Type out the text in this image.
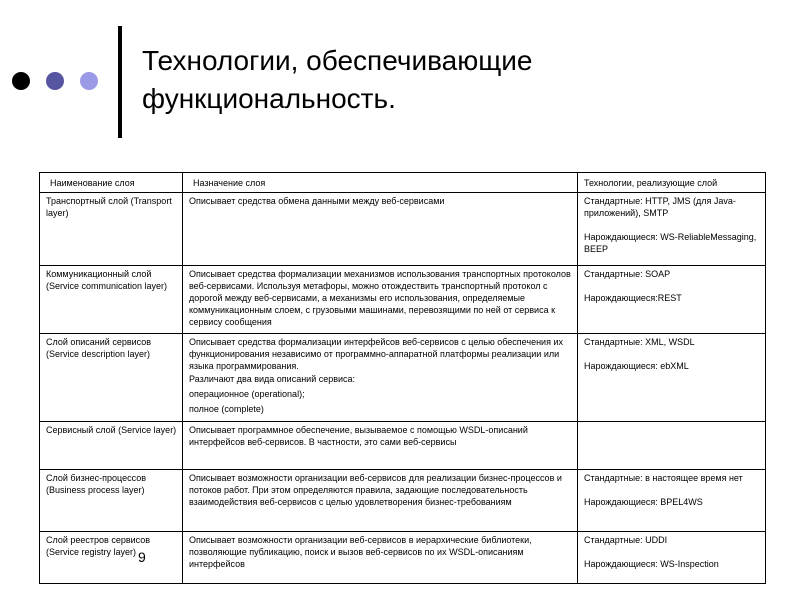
Технологии, обеспечивающие
функциональность.
Наименование слоя	Назначение слоя	Технологии, реализующие слой
Транспортный слой (Transport layer)	Описывает средства обмена данными между веб-сервисами	Стандартные: HTTP, JMS (для Java-приложений), SMTP
Нарождающиеся: WS-ReliableMessaging, BEEP

Коммуникационный слой (Service communication layer)	Описывает средства формализации механизмов использования транспортных протоколов веб-сервисами. Используя метафоры, можно отождествить транспортный протокол с дорогой между веб-сервисами, а механизмы его использования, определяемые коммуникационным слоем, с грузовыми машинами, перевозящими по ней от сервиса к сервису сообщения	Стандартные: SOAP
Нарождающиеся:REST

Слой описаний сервисов (Service description layer)	Описывает средства формализации интерфейсов веб-сервисов с целью обеспечения их функционирования независимо от программно-аппаратной платформы реализации или языка программирования.
Различают два вида описаний сервиса:
операционное (operational);
полное (complete)	Стандартные: XML, WSDL
Нарождающиеся: ebXML

Сервисный слой (Service layer)	Описывает программное обеспечение, вызываемое с помощью WSDL-описаний интерфейсов веб-сервисов. В частности, это сами веб-сервисы	

Слой бизнес-процессов (Business process layer)	Описывает возможности организации веб-сервисов для реализации бизнес-процессов и потоков работ. При этом определяются правила, задающие последовательность взаимодействия веб-сервисов с целью удовлетворения бизнес-требованиям	Стандартные: в настоящее время нет
Нарождающиеся: BPEL4WS

Слой реестров сервисов (Service registry layer)	Описывает возможности организации веб-сервисов в иерархические библиотеки, позволяющие публикацию, поиск и вызов веб-сервисов по их WSDL-описаниям интерфейсов	Стандартные: UDDI
Нарождающиеся: WS-Inspection
9
